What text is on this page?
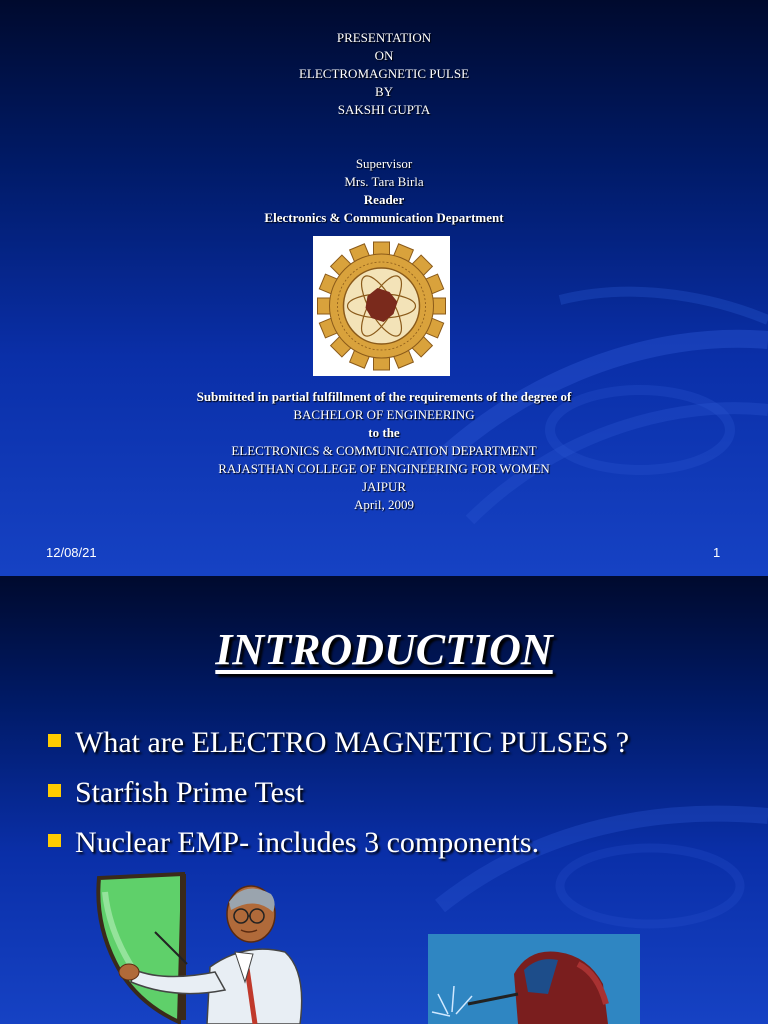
PRESENTATION
ON
ELECTROMAGNETIC PULSE
BY
SAKSHI GUPTA
Supervisor
Mrs. Tara Birla
Reader
Electronics & Communication Department
Submitted in partial fulfillment of the requirements of the degree of
BACHELOR OF ENGINEERING
to the
ELECTRONICS & COMMUNICATION DEPARTMENT
RAJASTHAN COLLEGE OF ENGINEERING FOR WOMEN
JAIPUR
April, 2009
12/08/21	1
INTRODUCTION
What are ELECTRO MAGNETIC PULSES ?
Starfish Prime Test
Nuclear EMP- includes 3 components.
